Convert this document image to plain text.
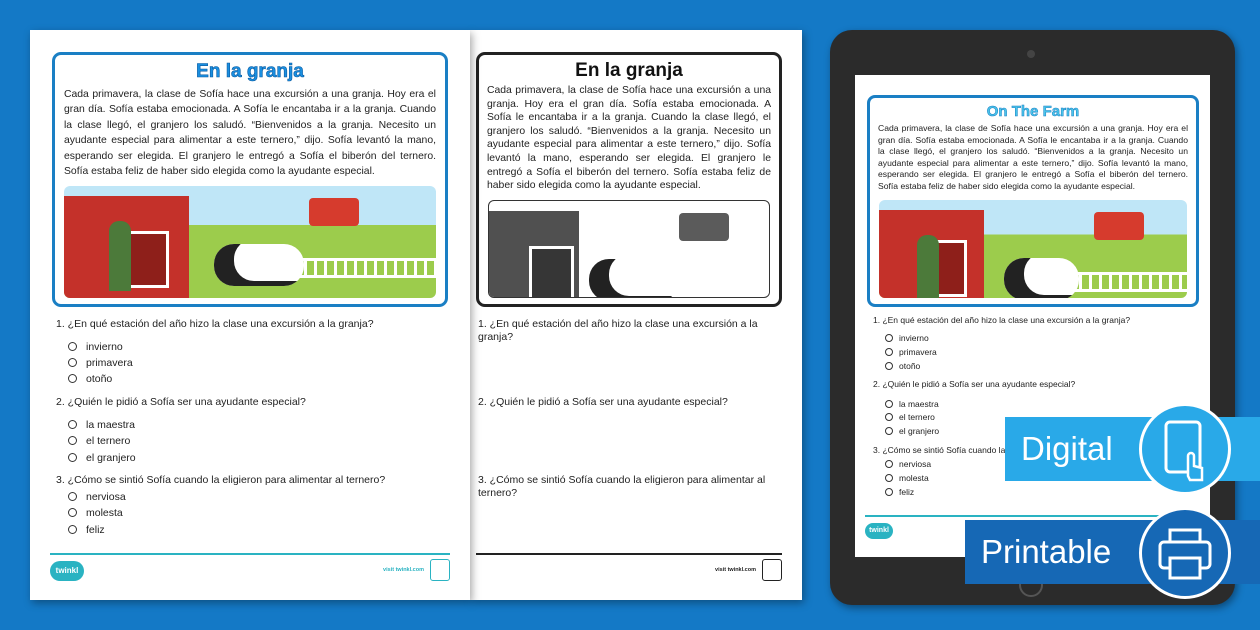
En la granja

Cada primavera, la clase de Sofía hace una excursión a una granja. Hoy era el gran día. Sofía estaba emocionada. A Sofía le encantaba ir a la granja. Cuando la clase llegó, el granjero los saludó. “Bienvenidos a la granja. Necesito un ayudante especial para alimentar a este ternero,” dijo. Sofía levantó la mano, esperando ser elegida. El granjero le entregó a Sofía el biberón del ternero. Sofía estaba feliz de haber sido elegida como la ayudante especial.

1. ¿En qué estación del año hizo la clase una excursión a la granja?
2. ¿Quién le pidió a Sofía ser una ayudante especial?
3. ¿Cómo se sintió Sofía cuando la eligieron para alimentar al ternero?
visit twinkl.com
En la granja

Cada primavera, la clase de Sofía hace una excursión a una granja. Hoy era el gran día. Sofía estaba emocionada. A Sofía le encantaba ir a la granja. Cuando la clase llegó, el granjero los saludó. “Bienvenidos a la granja. Necesito un ayudante especial para alimentar a este ternero,” dijo. Sofía levantó la mano, esperando ser elegida. El granjero le entregó a Sofía el biberón del ternero. Sofía estaba feliz de haber sido elegida como la ayudante especial.

1. ¿En qué estación del año hizo la clase una excursión a la granja?
invierno
primavera
otoño
2. ¿Quién le pidió a Sofía ser una ayudante especial?
la maestra
el ternero
el granjero
3. ¿Cómo se sintió Sofía cuando la eligieron para alimentar al ternero?
nerviosa
molesta
feliz
twinkl	visit twinkl.com
On The Farm

Cada primavera, la clase de Sofía hace una excursión a una granja. Hoy era el gran día. Sofía estaba emocionada. A Sofía le encantaba ir a la granja. Cuando la clase llegó, el granjero los saludó. “Bienvenidos a la granja. Necesito un ayudante especial para alimentar a este ternero,” dijo. Sofía levantó la mano, esperando ser elegida. El granjero le entregó a Sofía el biberón del ternero. Sofía estaba feliz de haber sido elegida como la ayudante especial.

1. ¿En qué estación del año hizo la clase una excursión a la granja?
invierno
primavera
otoño
2. ¿Quién le pidió a Sofía ser una ayudante especial?
la maestra
el ternero
el granjero
3. ¿Cómo se sintió Sofía cuando la
nerviosa
molesta
feliz
twinkl
Digital
Printable
